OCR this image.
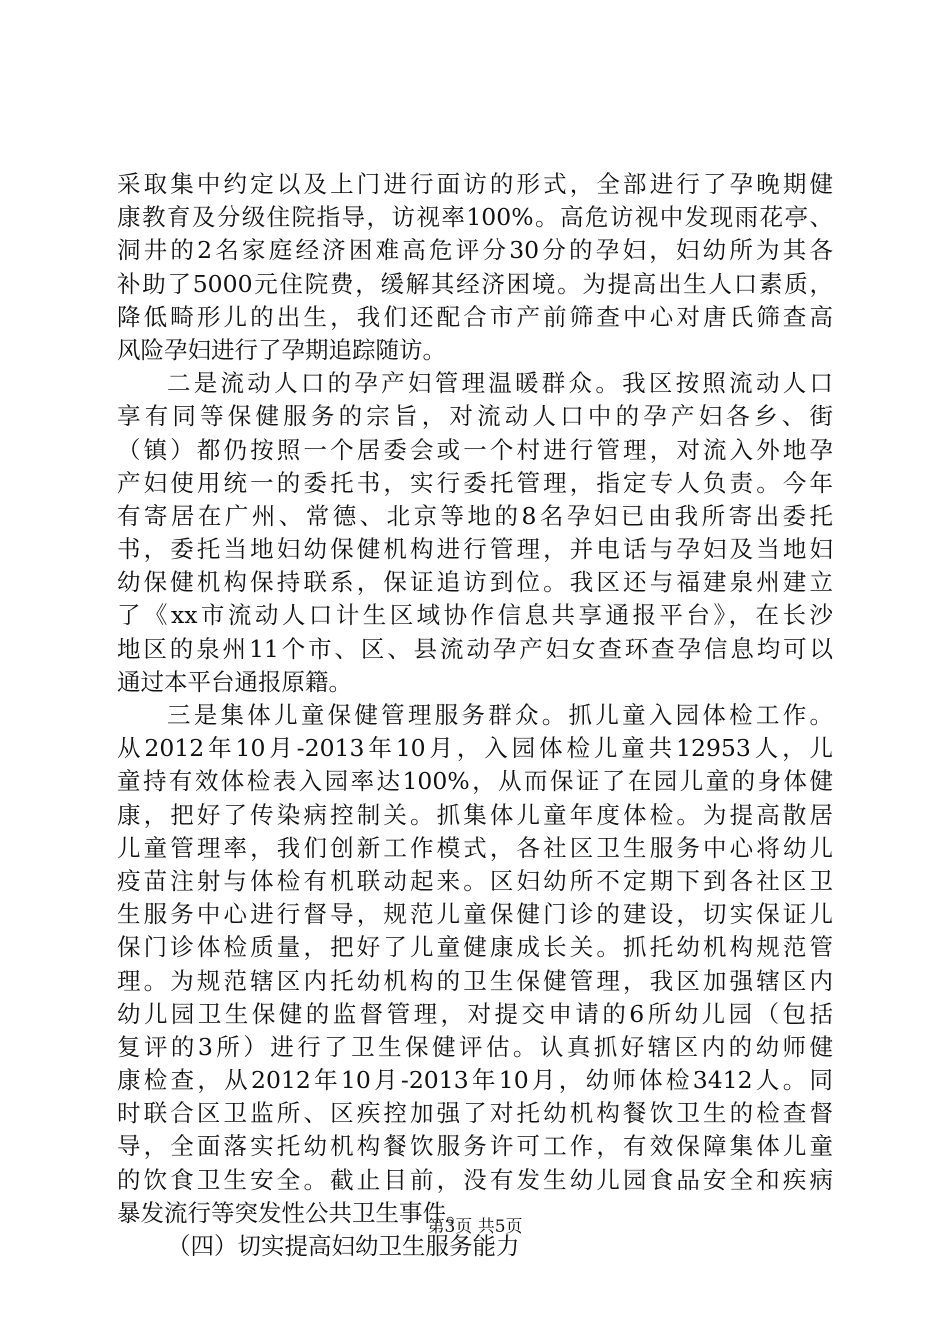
采取集中约定以及上门进行面访的形式，全部进行了孕晚期健
康教育及分级住院指导，访视率100%。高危访视中发现雨花亭、
洞井的2名家庭经济困难高危评分30分的孕妇，妇幼所为其各
补助了5000元住院费，缓解其经济困境。为提高出生人口素质，
降低畸形儿的出生，我们还配合市产前筛查中心对唐氏筛查高
风险孕妇进行了孕期追踪随访。
二是流动人口的孕产妇管理温暖群众。我区按照流动人口
享有同等保健服务的宗旨，对流动人口中的孕产妇各乡、街
（镇）都仍按照一个居委会或一个村进行管理，对流入外地孕
产妇使用统一的委托书，实行委托管理，指定专人负责。今年
有寄居在广州、常德、北京等地的8名孕妇已由我所寄出委托
书，委托当地妇幼保健机构进行管理，并电话与孕妇及当地妇
幼保健机构保持联系，保证追访到位。我区还与福建泉州建立
了《xx市流动人口计生区域协作信息共享通报平台》，在长沙
地区的泉州11个市、区、县流动孕产妇女查环查孕信息均可以
通过本平台通报原籍。
三是集体儿童保健管理服务群众。抓儿童入园体检工作。
从2012年10月-2013年10月，入园体检儿童共12953人，儿
童持有效体检表入园率达100%，从而保证了在园儿童的身体健
康，把好了传染病控制关。抓集体儿童年度体检。为提高散居
儿童管理率，我们创新工作模式，各社区卫生服务中心将幼儿
疫苗注射与体检有机联动起来。区妇幼所不定期下到各社区卫
生服务中心进行督导，规范儿童保健门诊的建设，切实保证儿
保门诊体检质量，把好了儿童健康成长关。抓托幼机构规范管
理。为规范辖区内托幼机构的卫生保健管理，我区加强辖区内
幼儿园卫生保健的监督管理，对提交申请的6所幼儿园（包括
复评的3所）进行了卫生保健评估。认真抓好辖区内的幼师健
康检查，从2012年10月-2013年10月，幼师体检3412人。同
时联合区卫监所、区疾控加强了对托幼机构餐饮卫生的检查督
导，全面落实托幼机构餐饮服务许可工作，有效保障集体儿童
的饮食卫生安全。截止目前，没有发生幼儿园食品安全和疾病
暴发流行等突发性公共卫生事件。
（四）切实提高妇幼卫生服务能力
第3页 共5页
